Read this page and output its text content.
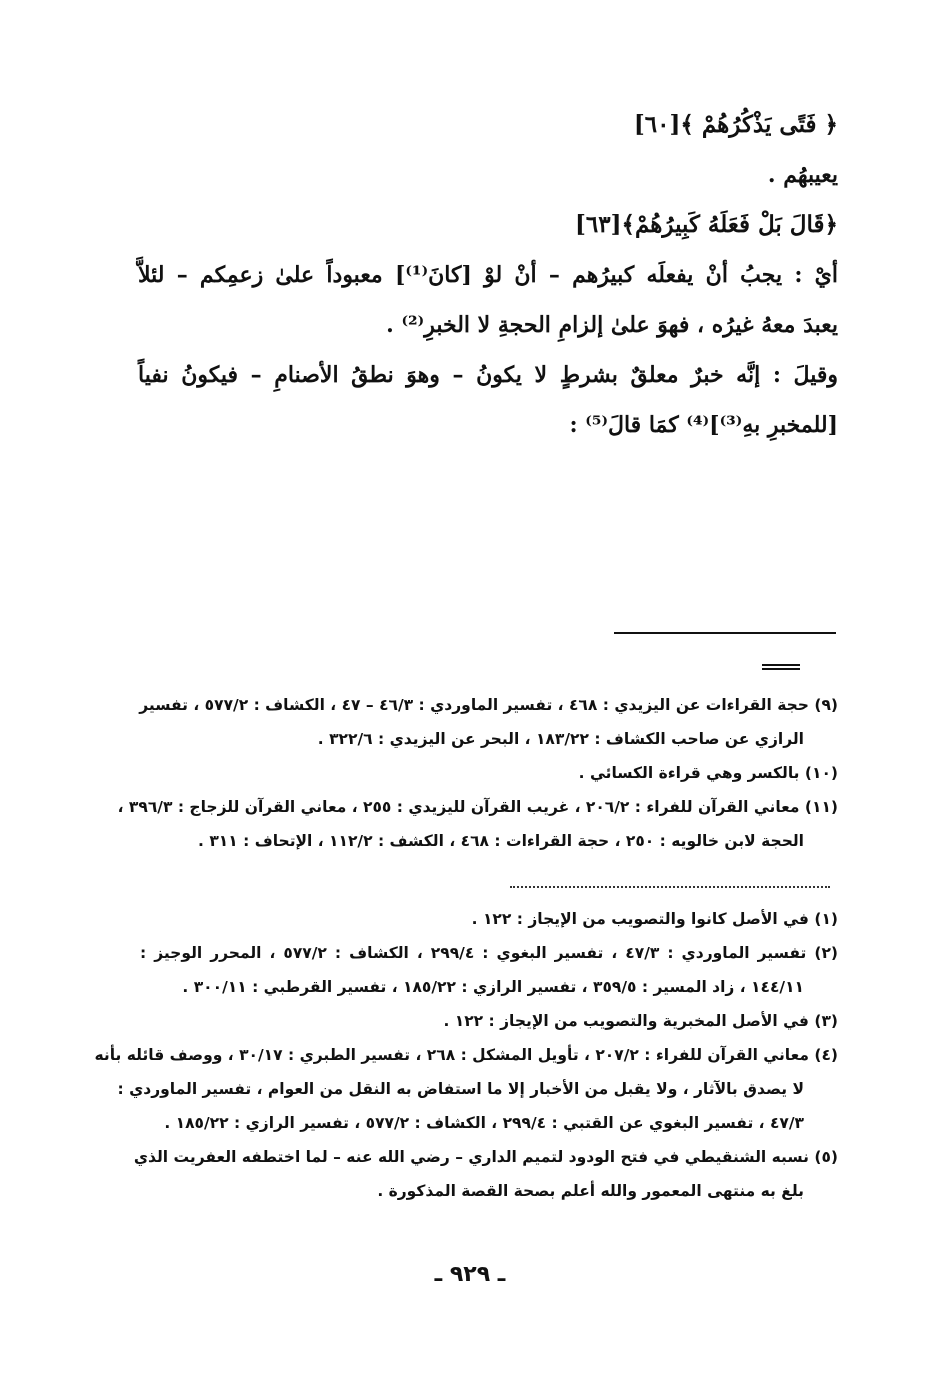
﴿ فَتًى يَذْكُرُهُمْ ﴾[٦٠]
يعيبهُم .
﴿قَالَ بَلْ فَعَلَهُ كَبِيرُهُمْ﴾[٦٣]
أيْ : يجبُ أنْ يفعلَه كبيرُهم – أنْ لوْ [كانَ⁽¹⁾] معبوداً علىٰ زعمِكم – لئلاَّ
يعبدَ معهُ غيرُه ، فهوَ علىٰ إلزامِ الحجةِ لا الخبرِ⁽²⁾ .
وقيلَ : إنَّه خبرٌ معلقٌ بشرطٍ لا يكونُ – وهوَ نطقُ الأصنامِ – فيكونُ نفياً
[للمخبرِ بهِ⁽³⁾]⁽⁴⁾ كمَا قالَ⁽⁵⁾ :
(٩) حجة القراءات عن اليزيدي : ٤٦٨ ، تفسير الماوردي : ٤٦/٣ – ٤٧ ، الكشاف : ٥٧٧/٢ ، تفسير
الرازي عن صاحب الكشاف : ١٨٣/٢٢ ، البحر عن اليزيدي : ٣٢٢/٦ .
(١٠) بالكسر وهي قراءة الكسائي .
(١١) معاني القرآن للفراء : ٢٠٦/٢ ، غريب القرآن لليزيدي : ٢٥٥ ، معاني القرآن للزجاج : ٣٩٦/٣ ،
الحجة لابن خالويه : ٢٥٠ ، حجة القراءات : ٤٦٨ ، الكشف : ١١٢/٢ ، الإتحاف : ٣١١ .
(١) في الأصل كانوا والتصويب من الإيجاز : ١٢٢ .
(٢) تفسير الماوردي : ٤٧/٣ ، تفسير البغوي : ٢٩٩/٤ ، الكشاف : ٥٧٧/٢ ، المحرر الوجيز :
١٤٤/١١ ، زاد المسير : ٣٥٩/٥ ، تفسير الرازي : ١٨٥/٢٢ ، تفسير القرطبي : ٣٠٠/١١ .
(٣) في الأصل المخبرية والتصويب من الإيجاز : ١٢٢ .
(٤) معاني القرآن للفراء : ٢٠٧/٢ ، تأويل المشكل : ٢٦٨ ، تفسير الطبري : ٣٠/١٧ ، ووصف قائله بأنه
لا يصدق بالآثار ، ولا يقبل من الأخبار إلا ما استفاض به النقل من العوام ، تفسير الماوردي :
٤٧/٣ ، تفسير البغوي عن القتبي : ٢٩٩/٤ ، الكشاف : ٥٧٧/٢ ، تفسير الرازي : ١٨٥/٢٢ .
(٥) نسبه الشنقيطي في فتح الودود لتميم الداري – رضي الله عنه – لما اختطفه العفريت الذي
بلغ به منتهى المعمور والله أعلم بصحة القصة المذكورة .
ـ ٩٢٩ ـ
